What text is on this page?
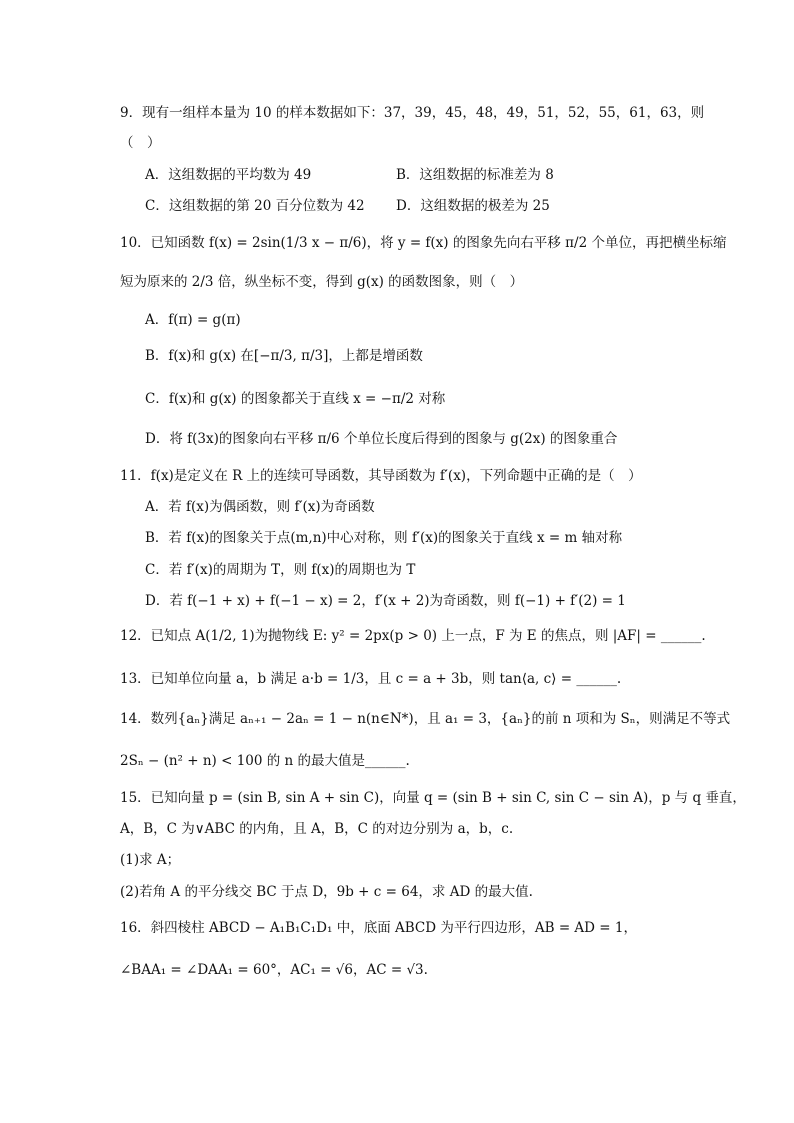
9．现有一组样本量为 10 的样本数据如下：37，39，45，48，49，51，52，55，61，63，则
（　）
A．这组数据的平均数为 49	B．这组数据的标准差为 8
C．这组数据的第 20 百分位数为 42 D．这组数据的极差为 25
10．已知函数 f(x) = 2sin(1/3 x − π/6)，将 y = f(x) 的图象先向右平移 π/2 个单位，再把横坐标缩
短为原来的 2/3 倍，纵坐标不变，得到 g(x) 的函数图象，则（　）
A．f(π) = g(π)
B．f(x)和 g(x) 在[−π/3, π/3]，上都是增函数
C．f(x)和 g(x) 的图象都关于直线 x = −π/2 对称
D．将 f(3x)的图象向右平移 π/6 个单位长度后得到的图象与 g(2x) 的图象重合
11．f(x)是定义在 R 上的连续可导函数，其导函数为 f′(x)，下列命题中正确的是（　）
A．若 f(x)为偶函数，则 f′(x)为奇函数
B．若 f(x)的图象关于点(m,n)中心对称，则 f′(x)的图象关于直线 x = m 轴对称
C．若 f′(x)的周期为 T，则 f(x)的周期也为 T
D．若 f(−1 + x) + f(−1 − x) = 2，f′(x + 2)为奇函数，则 f(−1) + f′(2) = 1
12．已知点 A(1/2, 1)为抛物线 E: y² = 2px(p > 0) 上一点，F 为 E 的焦点，则 |AF| = ______.
13．已知单位向量 a，b 满足 a·b = 1/3，且 c = a + 3b，则 tan⟨a, c⟩ = ______.
14．数列{aₙ}满足 aₙ₊₁ − 2aₙ = 1 − n(n∈N*)，且 a₁ = 3，{aₙ}的前 n 项和为 Sₙ，则满足不等式
2Sₙ − (n² + n) < 100 的 n 的最大值是______.
15．已知向量 p = (sin B, sin A + sin C)，向量 q = (sin B + sin C, sin C − sin A)，p 与 q 垂直，
A，B，C 为∨ABC 的内角，且 A，B，C 的对边分别为 a，b，c.
(1)求 A；
(2)若角 A 的平分线交 BC 于点 D，9b + c = 64，求 AD 的最大值.
16．斜四棱柱 ABCD − A₁B₁C₁D₁ 中，底面 ABCD 为平行四边形，AB = AD = 1，
∠BAA₁ = ∠DAA₁ = 60°，AC₁ = √6，AC = √3.
